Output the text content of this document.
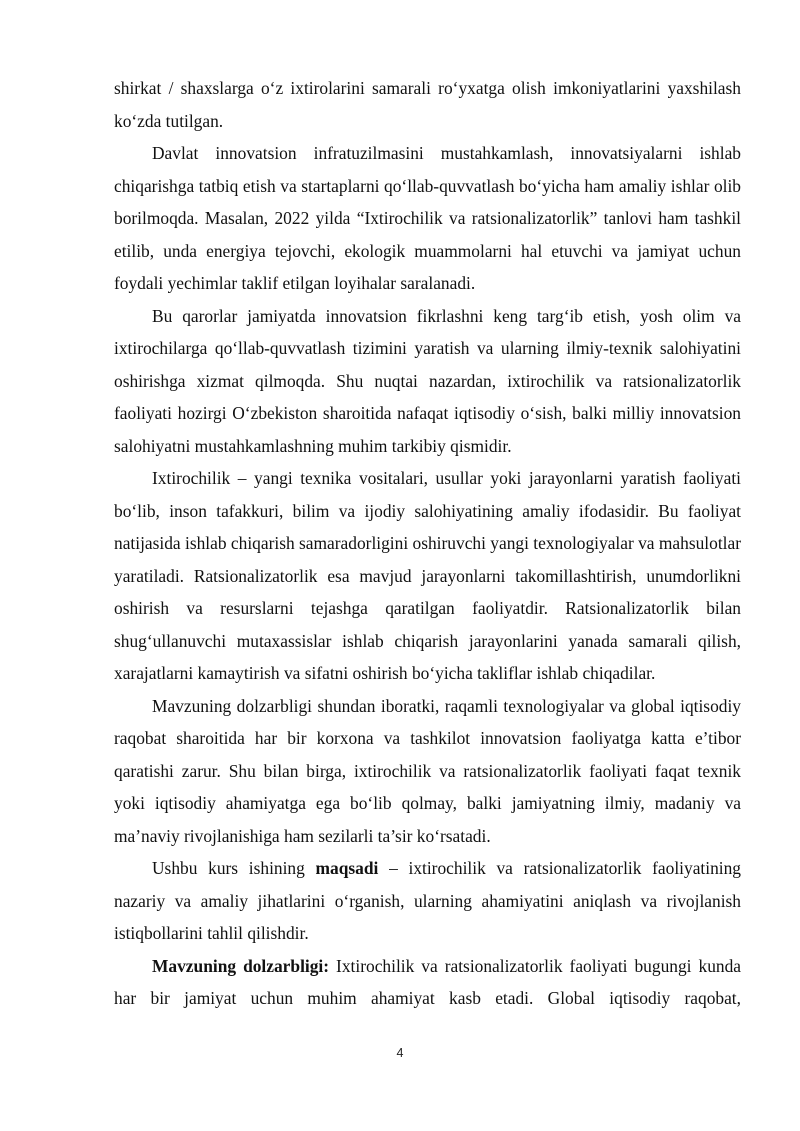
shirkat / shaxslarga o‘z ixtirolarini samarali ro‘yxatga olish imkoniyatlarini yaxshilash ko‘zda tutilgan.

Davlat innovatsion infratuzilmasini mustahkamlash, innovatsiyalarni ishlab chiqarishga tatbiq etish va startaplarni qo‘llab-quvvatlash bo‘yicha ham amaliy ishlar olib borilmoqda. Masalan, 2022 yilda “Ixtirochilik va ratsionalizatorlik” tanlovi ham tashkil etilib, unda energiya tejovchi, ekologik muammolarni hal etuvchi va jamiyat uchun foydali yechimlar taklif etilgan loyihalar saralanadi.

Bu qarorlar jamiyatda innovatsion fikrlashni keng targ‘ib etish, yosh olim va ixtirochilarga qo‘llab-quvvatlash tizimini yaratish va ularning ilmiy-texnik salohiyatini oshirishga xizmat qilmoqda. Shu nuqtai nazardan, ixtirochilik va ratsionalizatorlik faoliyati hozirgi O‘zbekiston sharoitida nafaqat iqtisodiy o‘sish, balki milliy innovatsion salohiyatni mustahkamlashning muhim tarkibiy qismidir.

Ixtirochilik – yangi texnika vositalari, usullar yoki jarayonlarni yaratish faoliyati bo‘lib, inson tafakkuri, bilim va ijodiy salohiyatining amaliy ifodasidir. Bu faoliyat natijasida ishlab chiqarish samaradorligini oshiruvchi yangi texnologiyalar va mahsulotlar yaratiladi. Ratsionalizatorlik esa mavjud jarayonlarni takomillashtirish, unumdorlikni oshirish va resurslarni tejashga qaratilgan faoliyatdir. Ratsionalizatorlik bilan shug‘ullanuvchi mutaxassislar ishlab chiqarish jarayonlarini yanada samarali qilish, xarajatlarni kamaytirish va sifatni oshirish bo‘yicha takliflar ishlab chiqadilar.

Mavzuning dolzarbligi shundan iboratki, raqamli texnologiyalar va global iqtisodiy raqobat sharoitida har bir korxona va tashkilot innovatsion faoliyatga katta e’tibor qaratishi zarur. Shu bilan birga, ixtirochilik va ratsionalizatorlik faoliyati faqat texnik yoki iqtisodiy ahamiyatga ega bo‘lib qolmay, balki jamiyatning ilmiy, madaniy va ma’naviy rivojlanishiga ham sezilarli ta’sir ko‘rsatadi.

Ushbu kurs ishining maqsadi – ixtirochilik va ratsionalizatorlik faoliyatining nazariy va amaliy jihatlarini o‘rganish, ularning ahamiyatini aniqlash va rivojlanish istiqbollarini tahlil qilishdir.

Mavzuning dolzarbligi: Ixtirochilik va ratsionalizatorlik faoliyati bugungi kunda har bir jamiyat uchun muhim ahamiyat kasb etadi. Global iqtisodiy raqobat,

4
